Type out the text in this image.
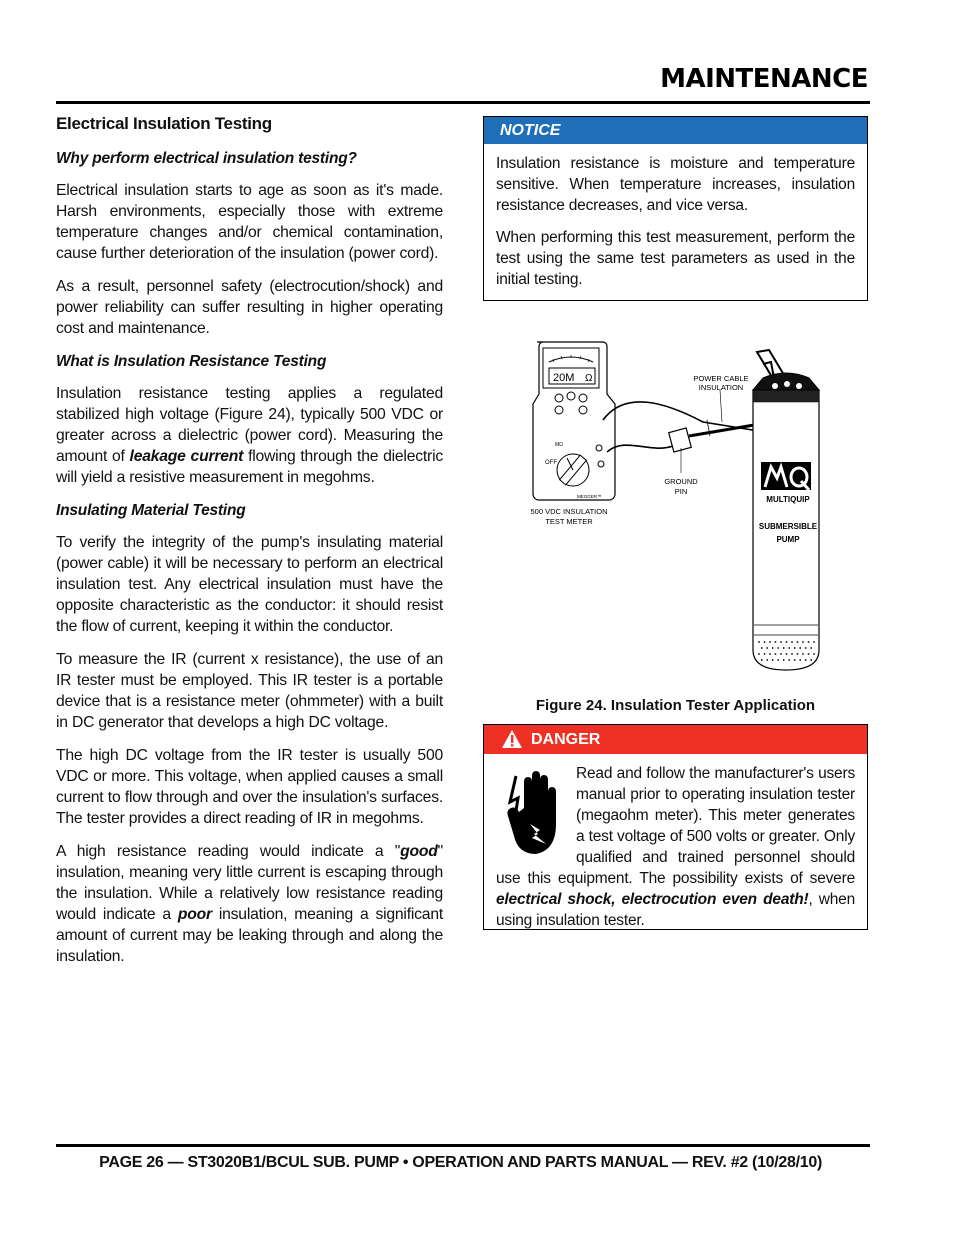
MAINTENANCE
Electrical Insulation Testing
Why perform electrical insulation testing?

Electrical insulation starts to age as soon as it's made. Harsh environments, especially those with extreme temperature changes and/or chemical contamination, cause further deterioration of the insulation (power cord).

As a result, personnel safety (electrocution/shock) and power reliability can suffer resulting in higher operating cost and maintenance.

What is Insulation Resistance Testing

Insulation resistance testing applies a regulated stabilized high voltage (Figure 24), typically 500 VDC or greater across a dielectric (power cord). Measuring the amount of leakage current flowing through the dielectric will yield a resistive measurement in megohms.

Insulating Material Testing

To verify the integrity of the pump's insulating material (power cable) it will be necessary to perform an electrical insulation test. Any electrical insulation must have the opposite characteristic as the conductor: it should resist the flow of current, keeping it within the conductor.

To measure the IR (current x resistance), the use of an IR tester must be employed. This IR tester is a portable device that is a resistance meter (ohmmeter) with a built in DC generator that develops a high DC voltage.

The high DC voltage from the IR tester is usually 500 VDC or more. This voltage, when applied causes a small current to flow through and over the insulation's surfaces. The tester provides a direct reading of IR in megohms.

A high resistance reading would indicate a "good" insulation, meaning very little current is escaping through the insulation. While a relatively low resistance reading would indicate a poor insulation, meaning a significant amount of current may be leaking through and along the insulation.

NOTICE

Insulation resistance is moisture and temperature sensitive. When temperature increases, insulation resistance decreases, and vice versa.

When performing this test measurement, perform the test using the same test parameters as used in the initial testing.

20M Ω
MΩ
OFF
MEGGER™
500 VDC INSULATION
TEST METER
POWER CABLE
INSULATION
GROUND
PIN
MULTIQUIP
SUBMERSIBLE
PUMP
Figure 24. Insulation Tester Application
DANGER
Read and follow the manufacturer's users manual prior to operating insulation tester (megaohm meter). This meter generates a test voltage of 500 volts or greater. Only qualified and trained personnel should use this equipment. The possibility exists of severe electrical shock, electrocution even death!, when using insulation tester.
PAGE 26 — ST3020B1/BCUL SUB. PUMP • OPERATION AND PARTS MANUAL — REV. #2 (10/28/10)
